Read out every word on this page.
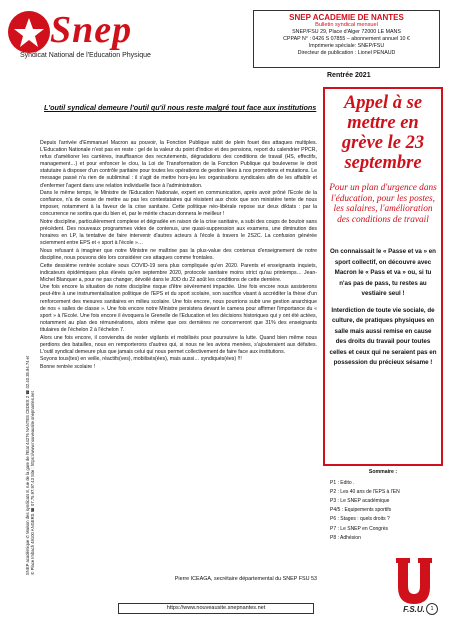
Snep
Syndicat National de l'Education Physique
SNEP ACADEMIE DE NANTES
Bulletin syndical mensuel
SNEP/FSU 29, Place d'Alger 72000 LE MANS
CPPAP N° : 0426 S 07855 – abonnement annuel 10 €
Imprimerie spéciale: SNEP/FSU
Directeur de publication : Lionel PENAUD
Rentrée 2021
SNEP académique ✆ Maison des syndicats 8, rue de la gare de l'Etat 44276 NANTES CEDEX 2 ☎ 02.40.35.94.74 et ✆ Place Imbach 49100 ANGERS ☎ 07.75.97.97.43 Site : https://www.nouveausite.snepnantes.net
L'outil syndical demeure l'outil qu'il nous reste malgré tout face aux institutions

Depuis l'arrivée d'Emmanuel Macron au pouvoir, la Fonction Publique subit de plein fouet des attaques multiples. L'Education Nationale n'est pas en reste : gel de la valeur du point d'indice et des pensions, report du calendrier PPCR, refus d'améliorer les carrières, insuffisance des recrutements, dégradations des conditions de travail (HS, effectifs, management…) et pour enfoncer le clou, la Loi de Transformation de la Fonction Publique qui bouleverse le droit statutaire à disposer d'un contrôle paritaire pour toutes les opérations de gestion liées à nos promotions et mutations. Le message passé n'a rien de subliminal : il s'agit de mettre hors-jeu les organisations syndicales afin de les affaiblir et d'enfermer l'agent dans une relation individuelle face à l'administration.

Dans le même temps, le Ministre de l'Education Nationale, expert en communication, après avoir prôné l'Ecole de la confiance, n'a de cesse de mettre au pas les contestataires qui résistent aux choix que son ministère tente de nous imposer, notamment à la faveur de la crise sanitaire. Cette politique néo-libérale repose sur deux diktats : par la concurrence ne sortira que du bien et, par le mérite chacun donnera le meilleur !

Notre discipline, particulièrement complexe et dégradée en raison de la crise sanitaire, a subi des coups de boutoir sans précédent. Des nouveaux programmes vides de contenus, une quasi-suppression aux examens, une diminution des horaires en LP, la tentative de faire intervenir d'autres acteurs à l'école à travers le 2S2C. La confusion générée sciemment entre EPS et « sport à l'école »…

Nous refusant à imaginer que notre Ministre ne maîtrise pas la plus-value des contenus d'enseignement de notre discipline, nous pouvons dès lors considérer ces attaques comme frontales.

Cette dessième rentrée scolaire sous COVID-19 sera plus compliquée qu'en 2020. Parents et enseignants inquiets, indicateurs épidémiques plus élevés qu'en septembre 2020, protocole sanitaire moins strict qu'au printemps… Jean-Michel Blanquer a, pour ne pas changer, dévoilé dans le JDD du 22 août les conditions de cette dernière.

Une fois encore la situation de notre discipline risque d'être sévèrement impactée. Une fois encore nous assisterons peut-être à une instrumentalisation politique de l'EPS et du sport scolaire, son sacrifice visant à accréditer la thèse d'un renforcement des mesures sanitaires en milieu scolaire. Une fois encore, nous pourrions subir une gestion anarchique de nos « salles de classe ». Une fois encore notre Ministre persistera devant le camera pour affirmer l'importance du « sport » à l'Ecole. Une fois encore il évoquera le Grenelle de l'Education et les décisions historiques qui y ont été actées, notamment au plan des rémunérations, alors même que ces dernières ne concerneront que 31% des enseignants titulaires de l'échelon 2 à l'échelon 7.

Alors une fois encore, il conviendra de rester vigilants et mobilisés pour poursuivre la lutte. Quand bien même nous perdions des batailles, nous en remporterons d'autres qui, si nous ne les avions menées, s'ajouteraient aux défaites. L'outil syndical demeure plus que jamais celui qui nous permet collectivement de faire face aux institutions.

Soyons tous(tes) en veille, réactifs(ves), mobilisés(ées), mais aussi… syndiqués(ées) !!!

Bonne rentrée scolaire !

Pierre ICEAGA, secrétaire départemental du SNEP FSU 53
Appel à se mettre en grève le 23 septembre
Pour un plan d'urgence dans l'éducation, pour les postes, les salaires, l'amélioration des conditions de travail

On connaissait le « Passe et va » en sport collectif, on découvre avec Macron le « Pass et va » ou, si tu n'as pas de pass, tu restes au vestiaire seul !

Interdiction de toute vie sociale, de culture, de pratiques physiques en salle mais aussi remise en cause des droits du travail pour toutes celles et ceux qui ne seraient pas en possession du précieux sésame !

Sommaire :
P1 : Edito .
P2 : Les 40 ans de l'EPS à l'EN
P3 : Le SNEP académique
P4/5 : Equipements sportifs
P6 : Stages : quels droits ?
P7 : Le SNEP en Congrès
P8 : Adhésion
F.S.U.
https://www.nouveausite.snepnantes.net	1
